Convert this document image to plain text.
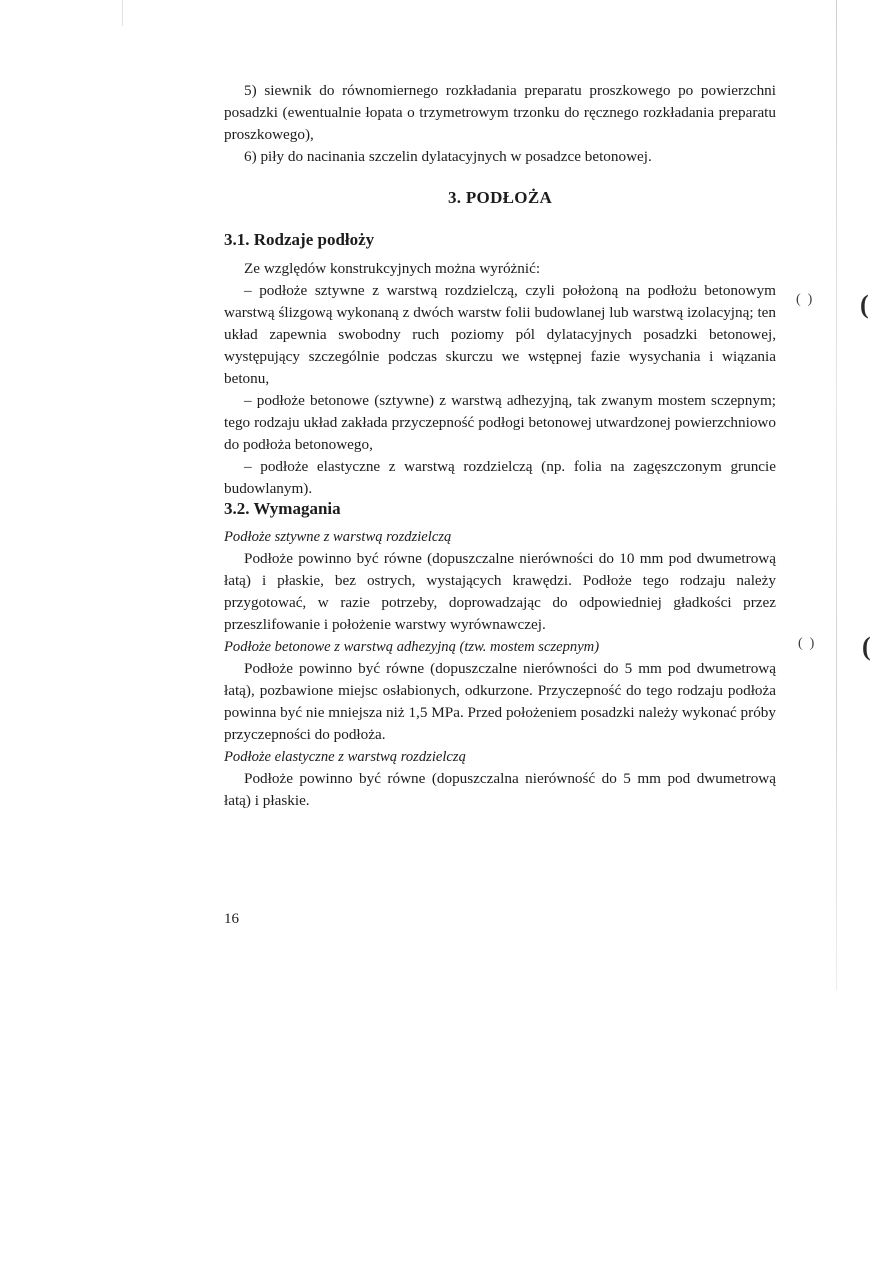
5) siewnik do równomiernego rozkładania preparatu proszkowego po powierzchni posadzki (ewentualnie łopata o trzymetrowym trzonku do ręcznego rozkładania preparatu proszkowego),

6) piły do nacinania szczelin dylatacyjnych w posadzce betonowej.

3. PODŁOŻA
3.1. Rodzaje podłoży

Ze względów konstrukcyjnych można wyróżnić:

– podłoże sztywne z warstwą rozdzielczą, czyli położoną na podłożu betonowym warstwą ślizgową wykonaną z dwóch warstw folii budowlanej lub warstwą izolacyjną; ten układ zapewnia swobodny ruch poziomy pól dylatacyjnych posadzki betonowej, występujący szczególnie podczas skurczu we wstępnej fazie wysychania i wiązania betonu,

– podłoże betonowe (sztywne) z warstwą adhezyjną, tak zwanym mostem sczepnym; tego rodzaju układ zakłada przyczepność podłogi betonowej utwardzonej powierzchniowo do podłoża betonowego,

– podłoże elastyczne z warstwą rozdzielczą (np. folia na zagęszczonym gruncie budowlanym).

3.2. Wymagania

Podłoże sztywne z warstwą rozdzielczą

Podłoże powinno być równe (dopuszczalne nierówności do 10 mm pod dwumetrową łatą) i płaskie, bez ostrych, wystających krawędzi. Podłoże tego rodzaju należy przygotować, w razie potrzeby, doprowadzając do odpowiedniej gładkości przez przeszlifowanie i położenie warstwy wyrównawczej.

Podłoże betonowe z warstwą adhezyjną (tzw. mostem sczepnym)

Podłoże powinno być równe (dopuszczalne nierówności do 5 mm pod dwumetrową łatą), pozbawione miejsc osłabionych, odkurzone. Przyczepność do tego rodzaju podłoża powinna być nie mniejsza niż 1,5 MPa. Przed położeniem posadzki należy wykonać próby przyczepności do podłoża.

Podłoże elastyczne z warstwą rozdzielczą

Podłoże powinno być równe (dopuszczalna nierówność do 5 mm pod dwumetrową łatą) i płaskie.

16
(  ) (
(  ) (
